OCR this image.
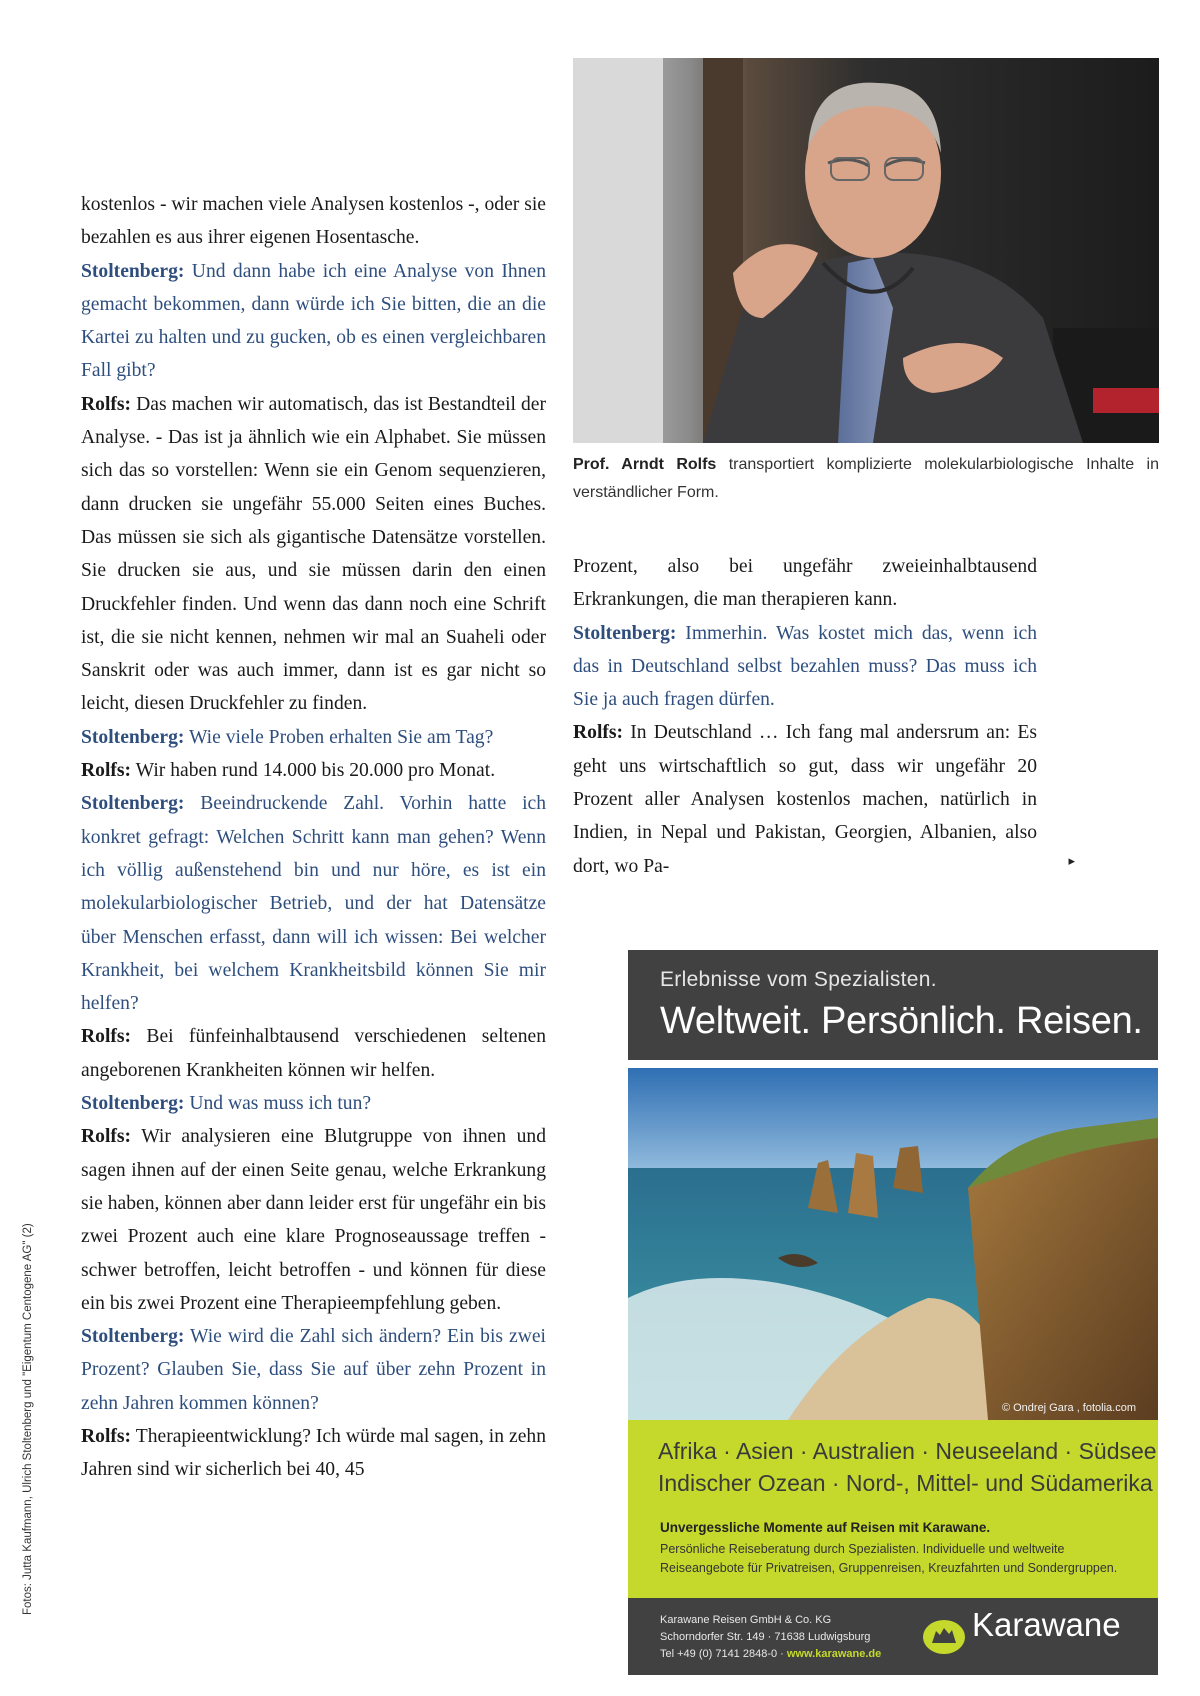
kostenlos - wir machen viele Analysen kostenlos -, oder sie bezahlen es aus ihrer eigenen Hosentasche.

Stoltenberg: Und dann habe ich eine Analyse von Ihnen gemacht bekommen, dann würde ich Sie bitten, die an die Kartei zu halten und zu gucken, ob es einen vergleichbaren Fall gibt?

Rolfs: Das machen wir automatisch, das ist Bestandteil der Analyse. - Das ist ja ähnlich wie ein Alphabet. Sie müssen sich das so vorstellen: Wenn sie ein Genom sequenzieren, dann drucken sie ungefähr 55.000 Seiten eines Buches. Das müssen sie sich als gigantische Datensätze vorstellen. Sie drucken sie aus, und sie müssen darin den einen Druckfehler finden. Und wenn das dann noch eine Schrift ist, die sie nicht kennen, nehmen wir mal an Suaheli oder Sanskrit oder was auch immer, dann ist es gar nicht so leicht, diesen Druckfehler zu finden.

Stoltenberg: Wie viele Proben erhalten Sie am Tag?

Rolfs: Wir haben rund 14.000 bis 20.000 pro Monat.

Stoltenberg: Beeindruckende Zahl. Vorhin hatte ich konkret gefragt: Welchen Schritt kann man gehen? Wenn ich völlig außenstehend bin und nur höre, es ist ein molekularbiologischer Betrieb, und der hat Datensätze über Menschen erfasst, dann will ich wissen: Bei welcher Krankheit, bei welchem Krankheitsbild können Sie mir helfen?

Rolfs: Bei fünfeinhalbtausend verschiedenen seltenen angeborenen Krankheiten können wir helfen.

Stoltenberg: Und was muss ich tun?

Rolfs: Wir analysieren eine Blutgruppe von ihnen und sagen ihnen auf der einen Seite genau, welche Erkrankung sie haben, können aber dann leider erst für ungefähr ein bis zwei Prozent auch eine klare Prognoseaussage treffen - schwer betroffen, leicht betroffen - und können für diese ein bis zwei Prozent eine Therapieempfehlung geben.

Stoltenberg: Wie wird die Zahl sich ändern? Ein bis zwei Prozent? Glauben Sie, dass Sie auf über zehn Prozent in zehn Jahren kommen können?

Rolfs: Therapieentwicklung? Ich würde mal sagen, in zehn Jahren sind wir sicherlich bei 40, 45

Prozent, also bei ungefähr zweieinhalbtausend Erkrankungen, die man therapieren kann.

Stoltenberg: Immerhin. Was kostet mich das, wenn ich das in Deutschland selbst bezahlen muss? Das muss ich Sie ja auch fragen dürfen.

Rolfs: In Deutschland … Ich fang mal andersrum an: Es geht uns wirtschaftlich so gut, dass wir ungefähr 20 Prozent aller Analysen kostenlos machen, natürlich in Indien, in Nepal und Pakistan, Georgien, Albanien, also dort, wo Pa-	▸

Prof. Arndt Rolfs transportiert komplizierte molekularbiologische Inhalte in verständlicher Form.
Fotos: Jutta Kaufmann, Ulrich Stoltenberg und "Eigentum Centogene AG" (2)
Erlebnisse vom Spezialisten.
Weltweit. Persönlich. Reisen.
© Ondrej Gara , fotolia.com
Afrika · Asien · Australien · Neuseeland · Südsee
Indischer Ozean · Nord-, Mittel- und Südamerika
Unvergessliche Momente auf Reisen mit Karawane.
Persönliche Reiseberatung durch Spezialisten. Individuelle und weltweite Reiseangebote für Privatreisen, Gruppenreisen, Kreuzfahrten und Sondergruppen.
Karawane Reisen GmbH & Co. KG
Schorndorfer Str. 149 · 71638 Ludwigsburg
Tel +49 (0) 7141 2848-0 · www.karawane.de
Karawane
